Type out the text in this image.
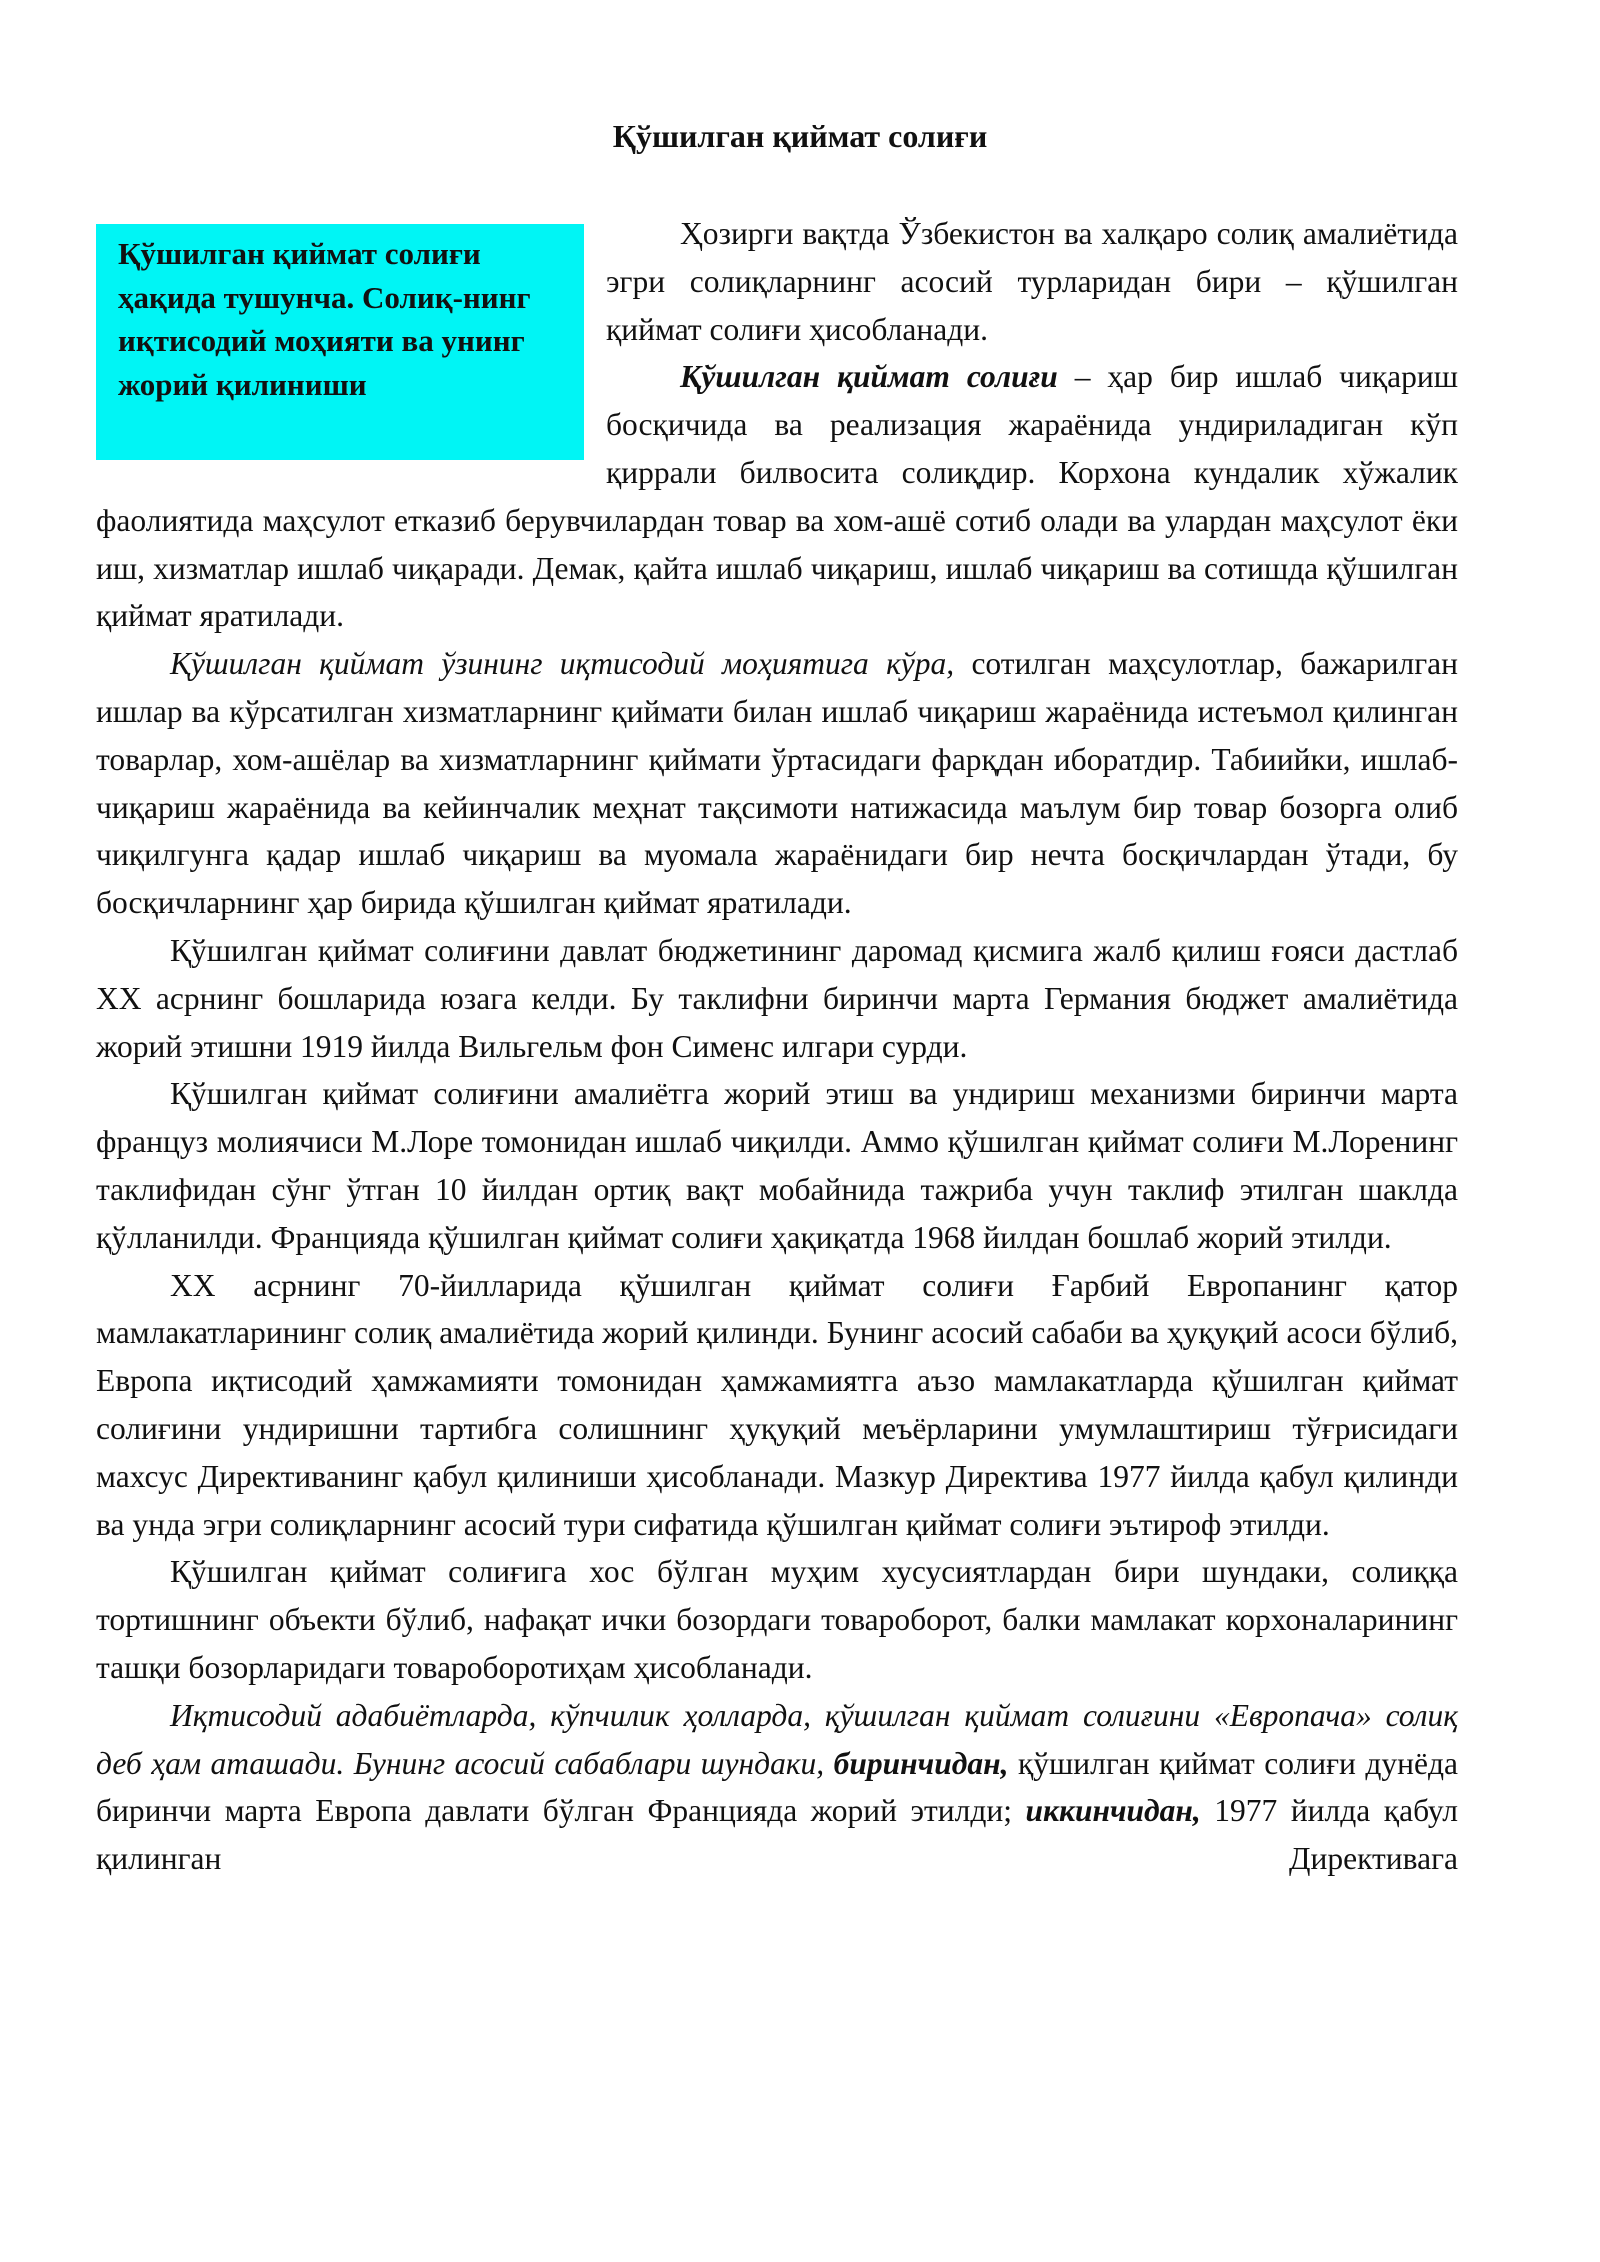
Қўшилган қиймат солиғи

Қўшилган қиймат солиғи ҳақида тушунча. Солиқ-нинг иқтисодий моҳияти ва унинг жорий қилиниши

Ҳозирги вақтда Ўзбекистон ва халқаро солиқ амалиётида эгри солиқларнинг асосий турларидан бири – қўшилган қиймат солиғи ҳисобланади.

Қўшилган қиймат солиғи – ҳар бир ишлаб чиқариш босқичида ва реализация жараёнида ундириладиган кўп қиррали билвосита солиқдир. Корхона кундалик хўжалик фаолиятида маҳсулот етказиб берувчилардан товар ва хом-ашё сотиб олади ва улардан маҳсулот ёки иш, хизматлар ишлаб чиқаради. Демак, қайта ишлаб чиқариш, ишлаб чиқариш ва сотишда қўшилган қиймат яратилади.

Қўшилган қиймат ўзининг иқтисодий моҳиятига кўра, сотилган маҳсулотлар, бажарилган ишлар ва кўрсатилган хизматларнинг қиймати билан ишлаб чиқариш жараёнида истеъмол қилинган товарлар, хом-ашёлар ва хизматларнинг қиймати ўртасидаги фарқдан иборатдир. Табиийки, ишлаб-чиқариш жараёнида ва кейинчалик меҳнат тақсимоти натижасида маълум бир товар бозорга олиб чиқилгунга қадар ишлаб чиқариш ва муомала жараёнидаги бир нечта босқичлардан ўтади, бу босқичларнинг ҳар бирида қўшилган қиймат яратилади.

Қўшилган қиймат солиғини давлат бюджетининг даромад қисмига жалб қилиш ғояси дастлаб XX асрнинг бошларида юзага келди. Бу таклифни биринчи марта Германия бюджет амалиётида жорий этишни 1919 йилда Вильгельм фон Сименс илгари сурди.

Қўшилган қиймат солиғини амалиётга жорий этиш ва ундириш механизми биринчи марта француз молиячиси М.Лоре томонидан ишлаб чиқилди. Аммо қўшилган қиймат солиғи М.Лоренинг таклифидан сўнг ўтган 10 йилдан ортиқ вақт мобайнида тажриба учун таклиф этилган шаклда қўлланилди. Францияда қўшилган қиймат солиғи ҳақиқатда 1968 йилдан бошлаб жорий этилди.

XX асрнинг 70-йилларида қўшилган қиймат солиғи Ғарбий Европанинг қатор мамлакатларининг солиқ амалиётида жорий қилинди. Бунинг асосий сабаби ва ҳуқуқий асоси бўлиб, Европа иқтисодий ҳамжамияти томонидан ҳамжамиятга аъзо мамлакатларда қўшилган қиймат солиғини ундиришни тартибга солишнинг ҳуқуқий меъёрларини умумлаштириш тўғрисидаги махсус Директиванинг қабул қилиниши ҳисобланади. Мазкур Директива 1977 йилда қабул қилинди ва унда эгри солиқларнинг асосий тури сифатида қўшилган қиймат солиғи эътироф этилди.

Қўшилган қиймат солиғига хос бўлган муҳим хусусиятлардан бири шундаки, солиққа тортишнинг объекти бўлиб, нафақат ички бозордаги товароборот, балки мамлакат корхоналарининг ташқи бозорларидаги товароборотиҳам ҳисобланади.

Иқтисодий адабиётларда, кўпчилик ҳолларда, қўшилган қиймат солиғини «Европача» солиқ деб ҳам аташади. Бунинг асосий сабаблари шундаки, биринчидан, қўшилган қиймат солиғи дунёда биринчи марта Европа давлати бўлган Францияда жорий этилди; иккинчидан, 1977 йилда қабул қилинган Директивага
